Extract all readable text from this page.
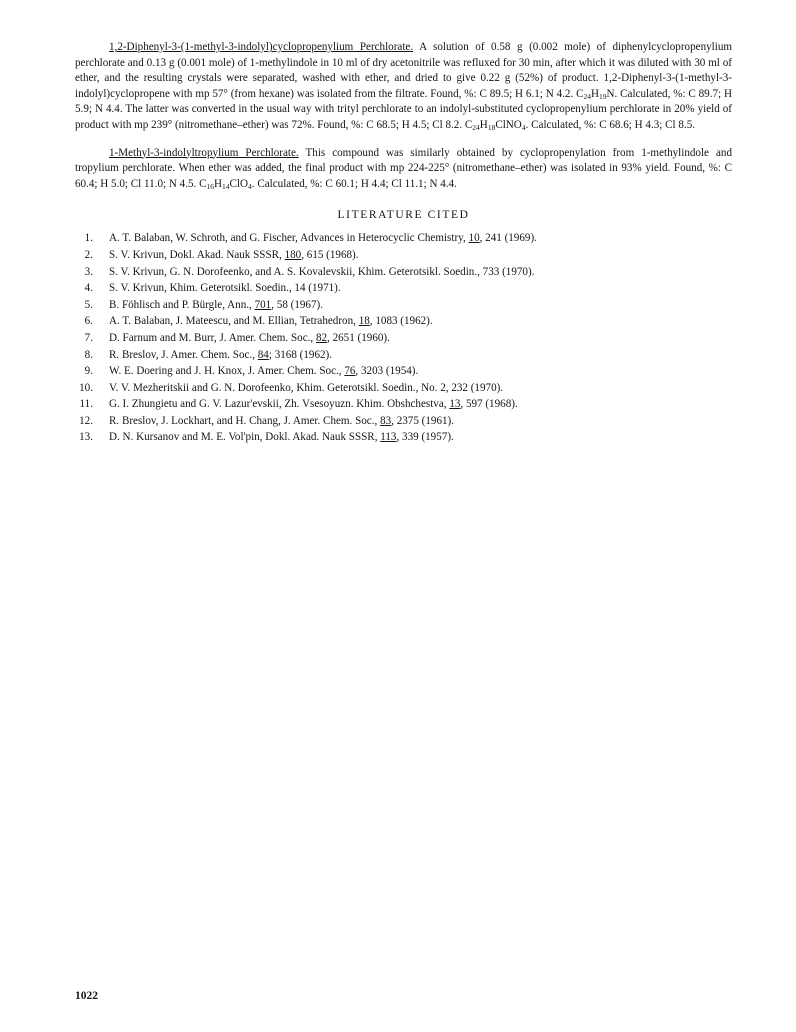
1,2-Diphenyl-3-(1-methyl-3-indolyl)cyclopropenylium Perchlorate. A solution of 0.58 g (0.002 mole) of diphenylcyclopropenylium perchlorate and 0.13 g (0.001 mole) of 1-methylindole in 10 ml of dry acetonitrile was refluxed for 30 min, after which it was diluted with 30 ml of ether, and the resulting crystals were separated, washed with ether, and dried to give 0.22 g (52%) of product. 1,2-Diphenyl-3-(1-methyl-3-indolyl)cyclopropene with mp 57° (from hexane) was isolated from the filtrate. Found, %: C 89.5; H 6.1; N 4.2. $C_{24}H_{19}N$. Calculated, %: C 89.7; H 5.9; N 4.4. The latter was converted in the usual way with trityl perchlorate to an indolyl-substituted cyclopropenylium perchlorate in 20% yield of product with mp 239° (nitromethane–ether) was 72%. Found, %: C 68.5; H 4.5; Cl 8.2. $C_{24}H_{18}ClNO_4$. Calculated, %: C 68.6; H 4.3; Cl 8.5.

1-Methyl-3-indolyltropylium Perchlorate. This compound was similarly obtained by cyclopropenylation from 1-methylindole and tropylium perchlorate. When ether was added, the final product with mp 224-225° (nitromethane–ether) was isolated in 93% yield. Found, %: C 60.4; H 5.0; Cl 11.0; N 4.5. $C_{16}H_{14}ClO_4$. Calculated, %: C 60.1; H 4.4; Cl 11.1; N 4.4.

LITERATURE CITED
1. A. T. Balaban, W. Schroth, and G. Fischer, Advances in Heterocyclic Chemistry, 10, 241 (1969).
2. S. V. Krivun, Dokl. Akad. Nauk SSSR, 180, 615 (1968).
3. S. V. Krivun, G. N. Dorofeenko, and A. S. Kovalevskii, Khim. Geterotsikl. Soedin., 733 (1970).
4. S. V. Krivun, Khim. Geterotsikl. Soedin., 14 (1971).
5. B. Föhlisch and P. Bürgle, Ann., 701, 58 (1967).
6. A. T. Balaban, J. Mateescu, and M. Ellian, Tetrahedron, 18, 1083 (1962).
7. D. Farnum and M. Burr, J. Amer. Chem. Soc., 82, 2651 (1960).
8. R. Breslov, J. Amer. Chem. Soc., 84; 3168 (1962).
9. W. E. Doering and J. H. Knox, J. Amer. Chem. Soc., 76, 3203 (1954).
10. V. V. Mezheritskii and G. N. Dorofeenko, Khim. Geterotsikl. Soedin., No. 2, 232 (1970).
11. G. I. Zhungietu and G. V. Lazur'evskii, Zh. Vsesoyuzn. Khim. Obshchestva, 13, 597 (1968).
12. R. Breslov, J. Lockhart, and H. Chang, J. Amer. Chem. Soc., 83, 2375 (1961).
13. D. N. Kursanov and M. E. Vol'pin, Dokl. Akad. Nauk SSSR, 113, 339 (1957).
1022
